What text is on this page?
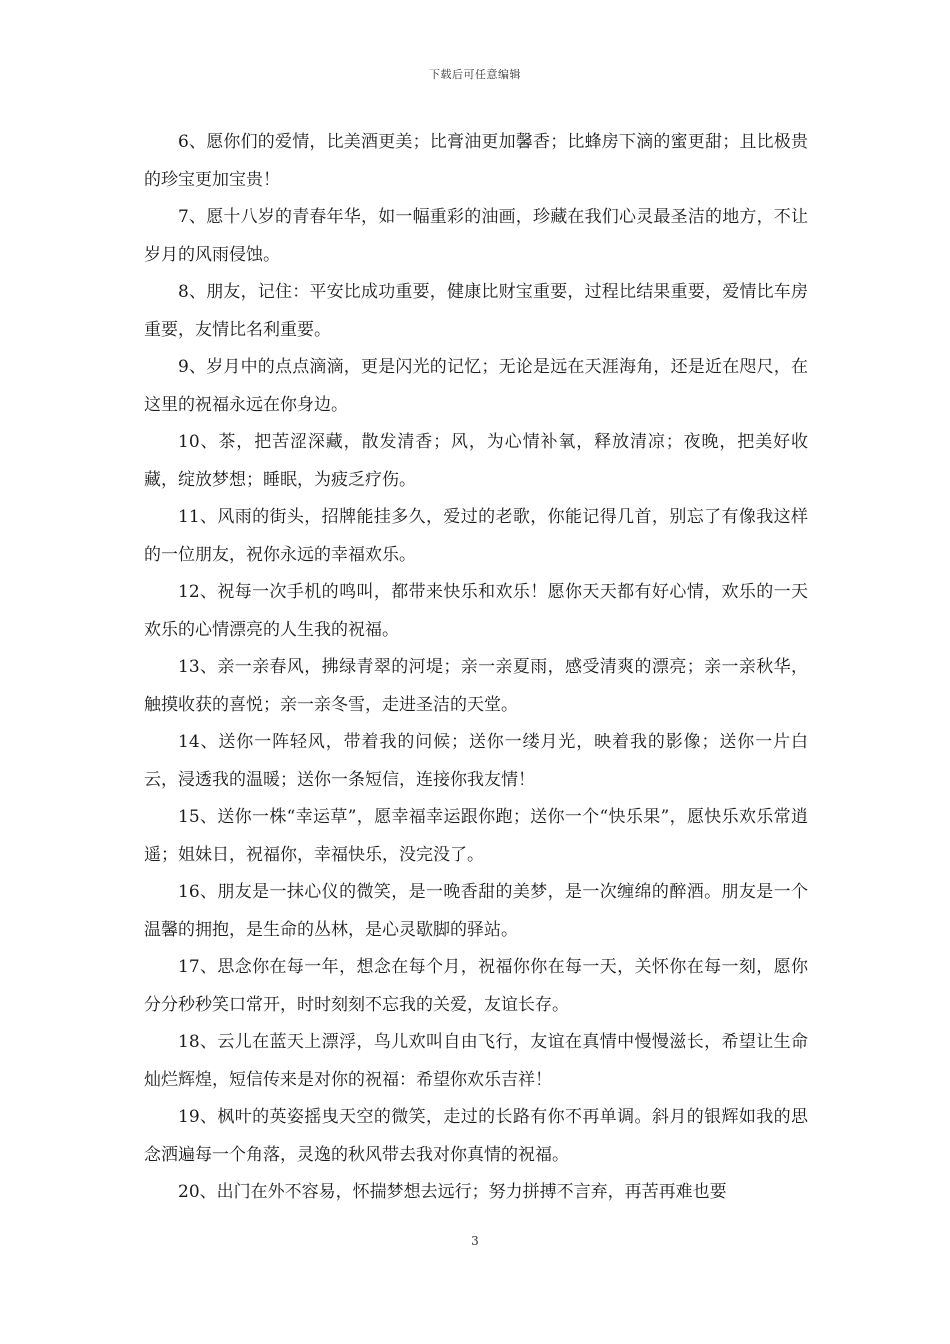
下载后可任意编辑

6、愿你们的爱情，比美酒更美；比膏油更加馨香；比蜂房下滴的蜜更甜；且比极贵的珍宝更加宝贵！

7、愿十八岁的青春年华，如一幅重彩的油画，珍藏在我们心灵最圣洁的地方，不让岁月的风雨侵蚀。

8、朋友，记住：平安比成功重要，健康比财宝重要，过程比结果重要，爱情比车房重要，友情比名利重要。

9、岁月中的点点滴滴，更是闪光的记忆；无论是远在天涯海角，还是近在咫尺，在这里的祝福永远在你身边。

10、茶，把苦涩深藏，散发清香；风，为心情补氧，释放清凉；夜晚，把美好收藏，绽放梦想；睡眠，为疲乏疗伤。

11、风雨的街头，招牌能挂多久，爱过的老歌，你能记得几首，别忘了有像我这样的一位朋友，祝你永远的幸福欢乐。

12、祝每一次手机的鸣叫，都带来快乐和欢乐！愿你天天都有好心情，欢乐的一天欢乐的心情漂亮的人生我的祝福。

13、亲一亲春风，拂绿青翠的河堤；亲一亲夏雨，感受清爽的漂亮；亲一亲秋华，触摸收获的喜悦；亲一亲冬雪，走进圣洁的天堂。

14、送你一阵轻风，带着我的问候；送你一缕月光，映着我的影像；送你一片白云，浸透我的温暖；送你一条短信，连接你我友情！

15、送你一株“幸运草”，愿幸福幸运跟你跑；送你一个“快乐果”，愿快乐欢乐常逍遥；姐妹日，祝福你，幸福快乐，没完没了。

16、朋友是一抹心仪的微笑，是一晚香甜的美梦，是一次缠绵的醉酒。朋友是一个温馨的拥抱，是生命的丛林，是心灵歇脚的驿站。

17、思念你在每一年，想念在每个月，祝福你你在每一天，关怀你在每一刻，愿你分分秒秒笑口常开，时时刻刻不忘我的关爱，友谊长存。

18、云儿在蓝天上漂浮，鸟儿欢叫自由飞行，友谊在真情中慢慢滋长，希望让生命灿烂辉煌，短信传来是对你的祝福：希望你欢乐吉祥！

19、枫叶的英姿摇曳天空的微笑，走过的长路有你不再单调。斜月的银辉如我的思念洒遍每一个角落，灵逸的秋风带去我对你真情的祝福。

20、出门在外不容易，怀揣梦想去远行；努力拼搏不言弃，再苦再难也要

3
